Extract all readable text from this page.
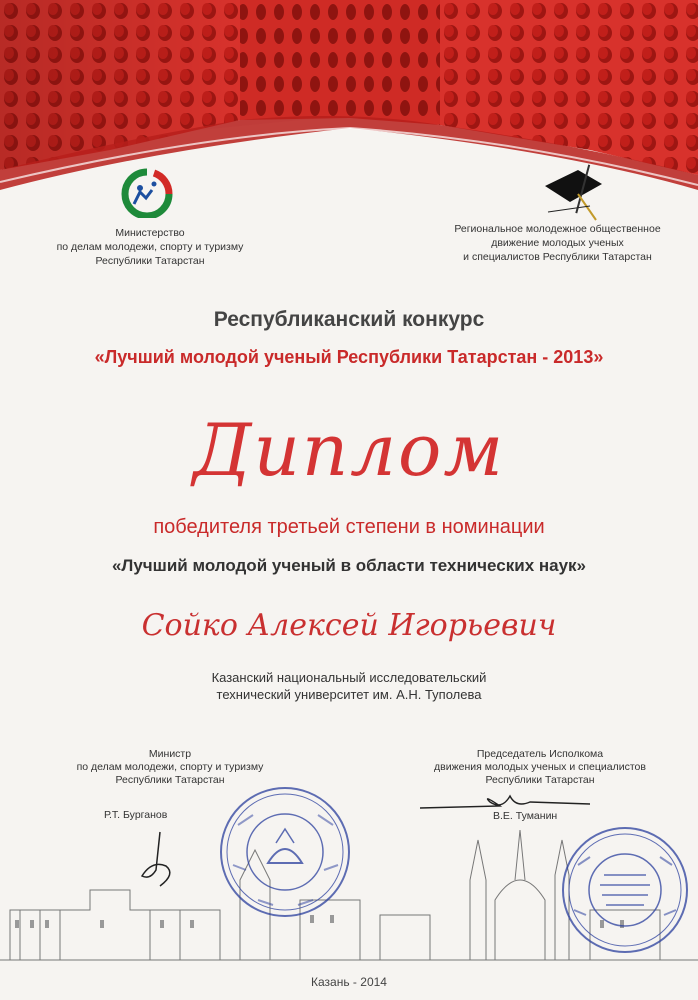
Министерство
по делам молодежи, спорту и туризму
Республики Татарстан
Региональное молодежное общественное
движение молодых ученых
и специалистов Республики Татарстан
Республиканский конкурс
«Лучший молодой ученый Республики Татарстан - 2013»
Диплом
победителя третьей степени в номинации
«Лучший молодой ученый в области технических наук»
Сойко Алексей Игорьевич
Казанский национальный исследовательский
технический университет им. А.Н. Туполева
Министр
по делам молодежи, спорту и туризму
Республики Татарстан
Председатель Исполкома
движения молодых ученых и специалистов
Республики Татарстан
Р.Т. Бурганов	В.Е. Туманин
Казань - 2014
